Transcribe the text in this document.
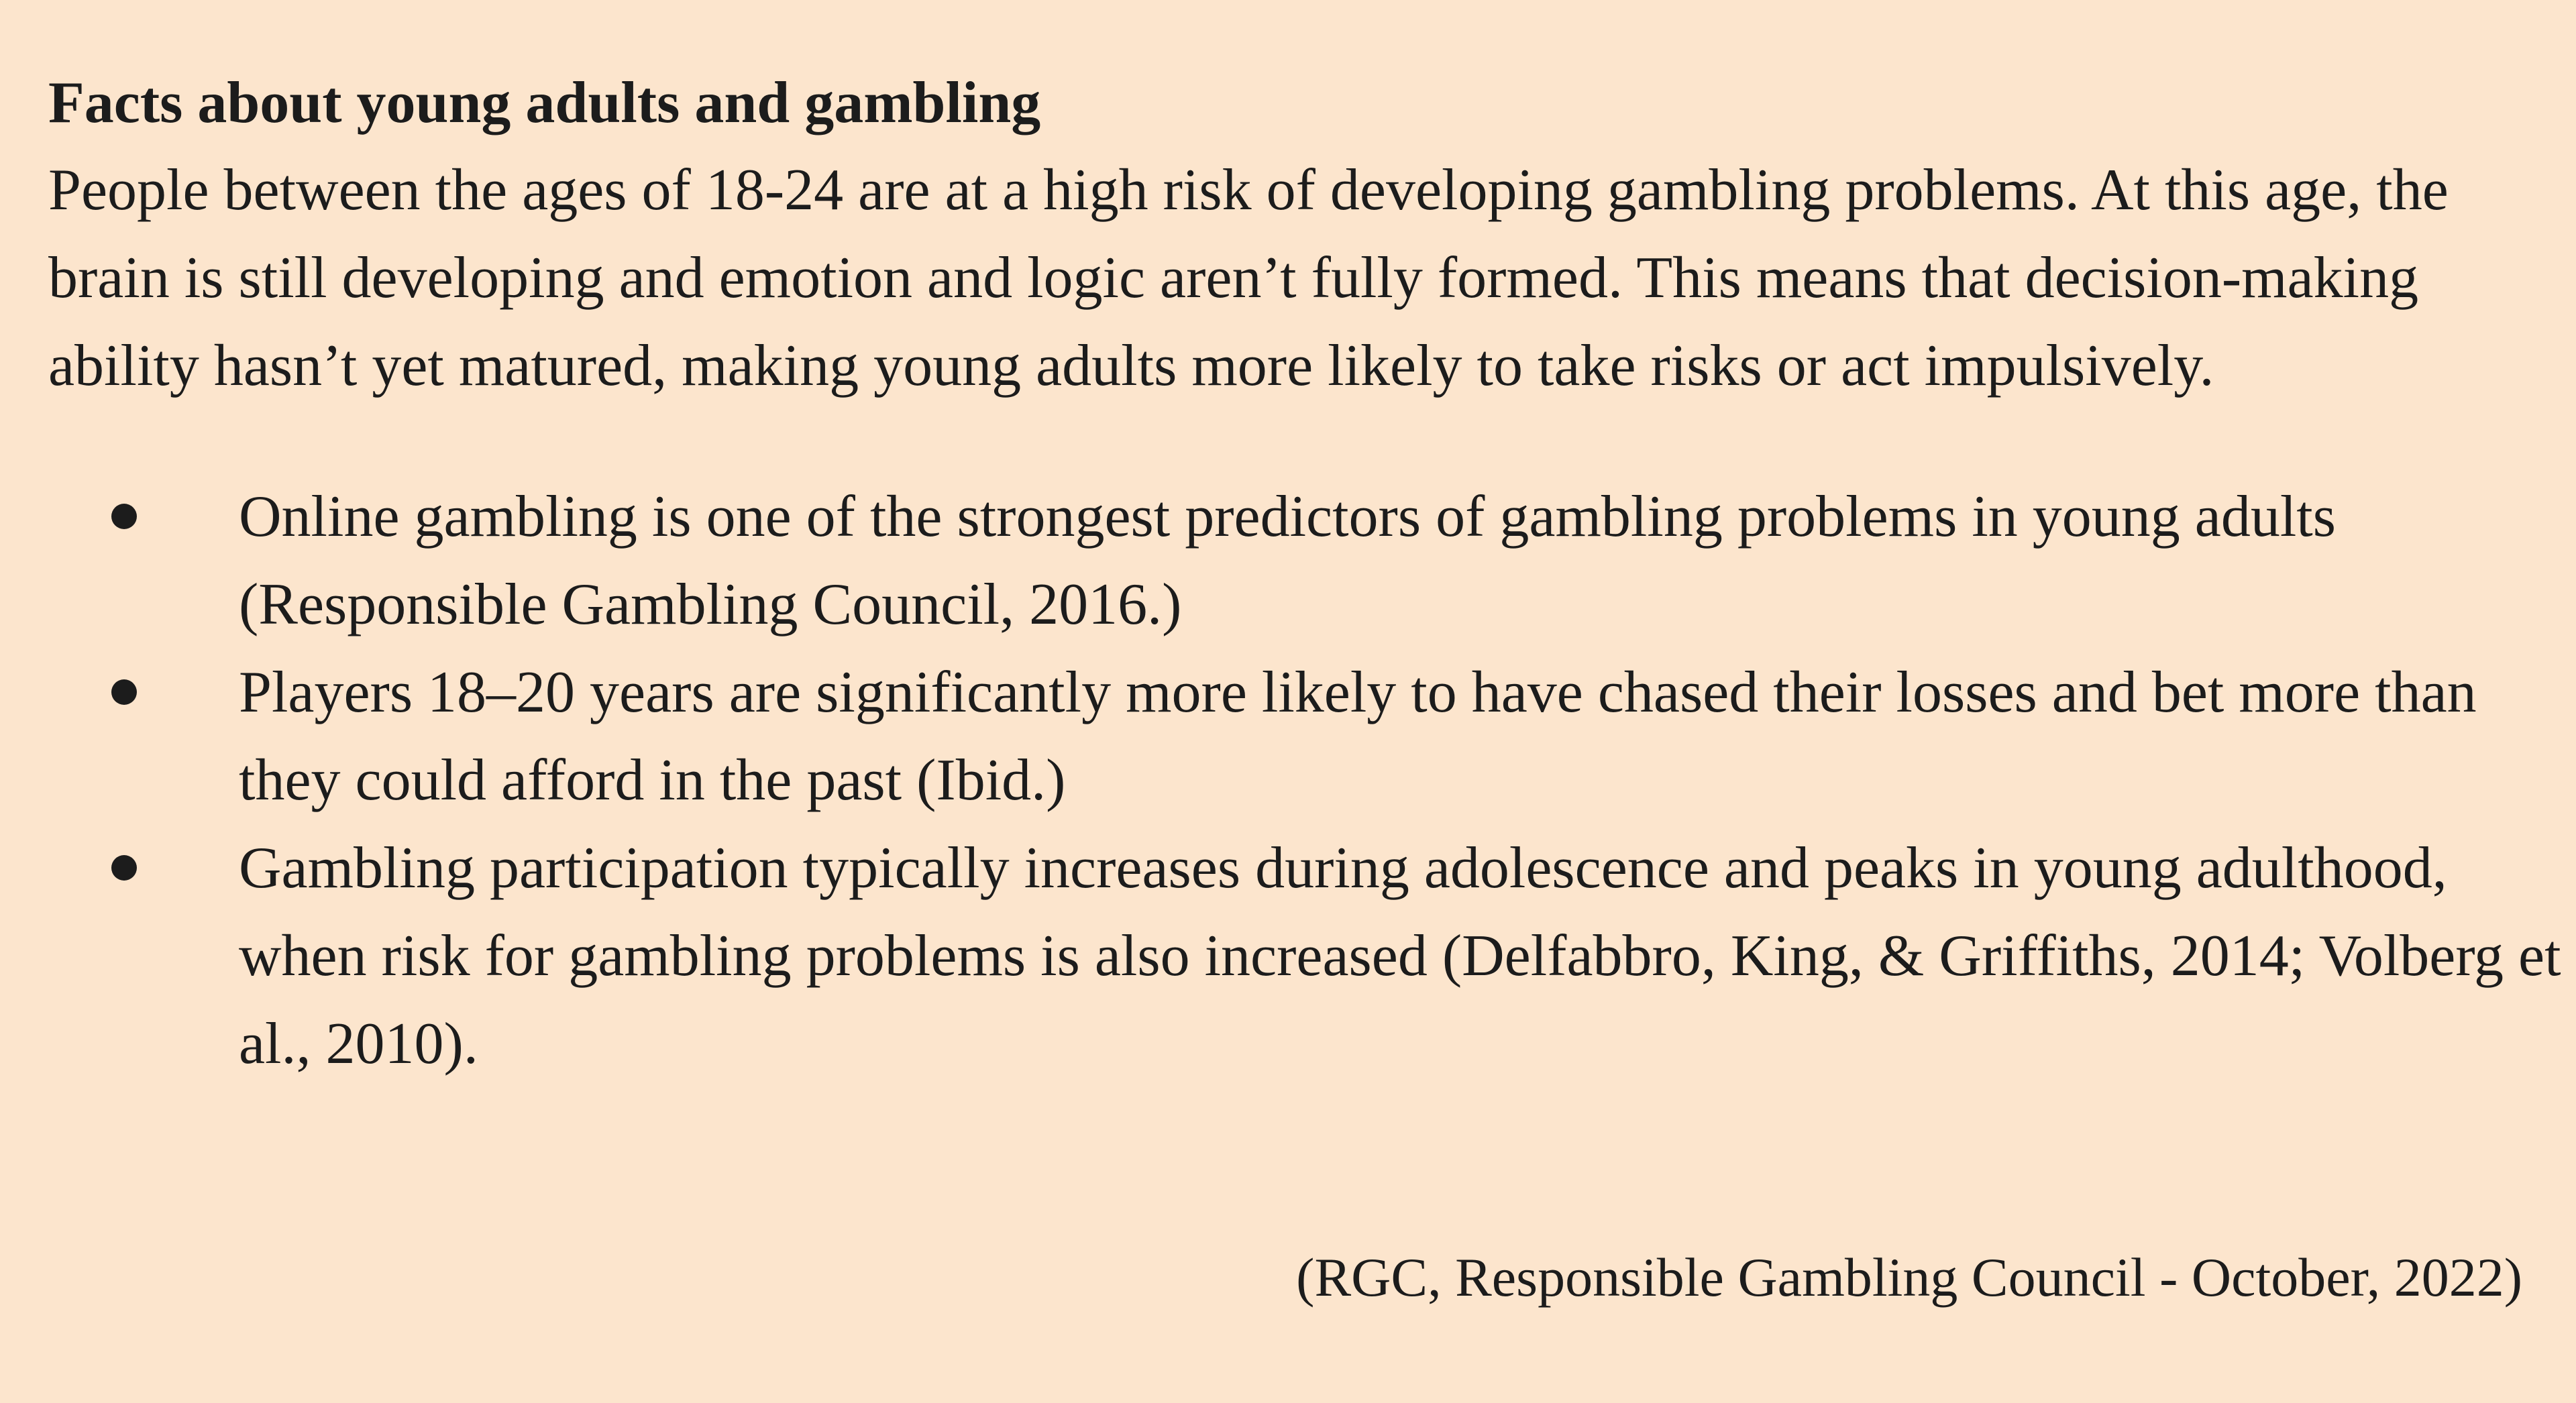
Facts about young adults and gambling

People between the ages of 18-24 are at a high risk of developing gambling problems. At this age, the brain is still developing and emotion and logic aren’t fully formed. This means that decision-making ability hasn’t yet matured, making young adults more likely to take risks or act impulsively.

Online gambling is one of the strongest predictors of gambling problems in young adults (Responsible Gambling Council, 2016.)
Players 18–20 years are significantly more likely to have chased their losses and bet more than they could afford in the past (Ibid.)
Gambling participation typically increases during adolescence and peaks in young adulthood, when risk for gambling problems is also increased (Delfabbro, King, & Griffiths, 2014; Volberg et al., 2010).
(RGC, Responsible Gambling Council - October, 2022)
